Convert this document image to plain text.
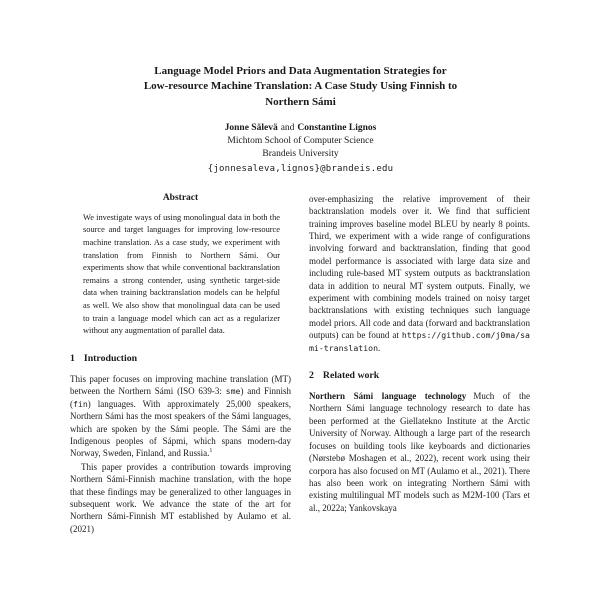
Language Model Priors and Data Augmentation Strategies for
Low-resource Machine Translation: A Case Study Using Finnish to
Northern Sámi
Jonne Sälevä and Constantine Lignos
Michtom School of Computer Science
Brandeis University
{jonnesaleva,lignos}@brandeis.edu
Abstract

We investigate ways of using monolingual data in both the source and target languages for improving low-resource machine translation. As a case study, we experiment with translation from Finnish to Northern Sámi. Our experiments show that while conventional backtranslation remains a strong contender, using synthetic target-side data when training backtranslation models can be helpful as well. We also show that monolingual data can be used to train a language model which can act as a regularizer without any augmentation of parallel data.

1 Introduction

This paper focuses on improving machine translation (MT) between the Northern Sámi (ISO 639-3: sme) and Finnish (fin) languages. With approximately 25,000 speakers, Northern Sámi has the most speakers of the Sámi languages, which are spoken by the Sámi people. The Sámi are the Indigenous peoples of Sápmi, which spans modern-day Norway, Sweden, Finland, and Russia.$^1$

This paper provides a contribution towards improving Northern Sámi-Finnish machine translation, with the hope that these findings may be generalized to other languages in subsequent work. We advance the state of the art for Northern Sámi-Finnish MT established by Aulamo et al. (2021)

over-emphasizing the relative improvement of their backtranslation models over it. We find that sufficient training improves baseline model BLEU by nearly 8 points. Third, we experiment with a wide range of configurations involving forward and backtranslation, finding that good model performance is associated with large data size and including rule-based MT system outputs as backtranslation data in addition to neural MT system outputs. Finally, we experiment with combining models trained on noisy target backtranslations with existing techniques such language model priors. All code and data (forward and backtranslation outputs) can be found at https://github.com/j0ma/sami-translation.

2 Related work

Northern Sámi language technology Much of the Northern Sámi language technology research to date has been performed at the Giellatekno Institute at the Arctic University of Norway. Although a large part of the research focuses on building tools like keyboards and dictionaries (Nørstebø Moshagen et al., 2022), recent work using their corpora has also focused on MT (Aulamo et al., 2021). There has also been work on integrating Northern Sámi with existing multilingual MT models such as M2M-100 (Tars et al., 2022a; Yankovskaya
